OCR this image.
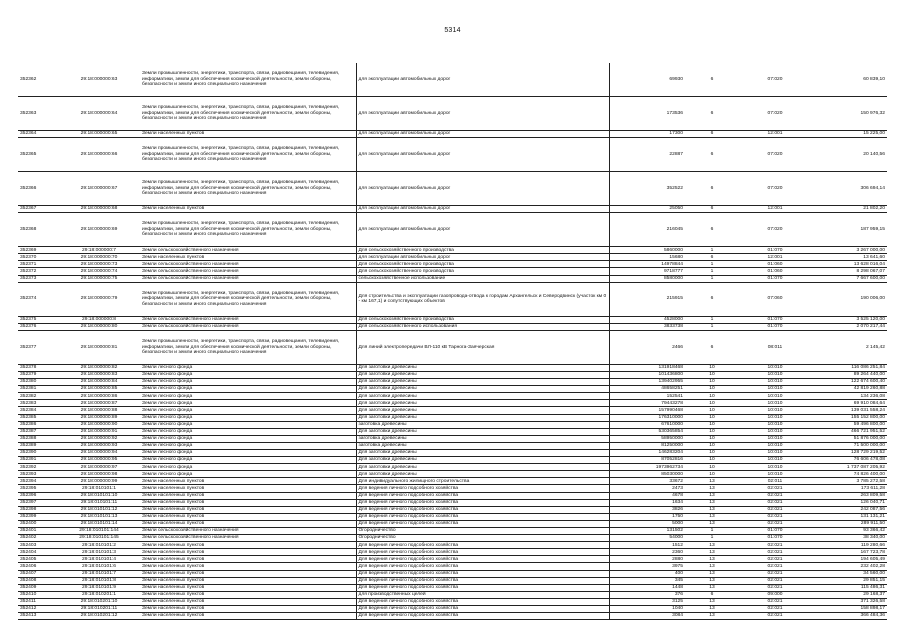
5314
352362	29:18:000000:63	Земли промышленности, энергетики, транспорта, связи, радиовещания, телевидения, информатики, земли для обеспечения космической деятельности, земли обороны, безопасности и земли иного специального назначения	для эксплуатации автомобильных дорог	69930	6	07:020	60 839,10
352363	29:18:000000:64	Земли промышленности, энергетики, транспорта, связи, радиовещания, телевидения, информатики, земли для обеспечения космической деятельности, земли обороны, безопасности и земли иного специального назначения	для эксплуатации автомобильных дорог	173536	6	07:020	150 976,32
352364	29:18:000000:65	Земли населенных пунктов	для эксплуатации автомобильных дорог	17300	6	12:001	15 225,00
352365	29:18:000000:66	Земли промышленности, энергетики, транспорта, связи, радиовещания, телевидения, информатики, земли для обеспечения космической деятельности, земли обороны, безопасности и земли иного специального назначения	для эксплуатации автомобильных дорог	22887	6	07:020	20 140,56
352366	29:18:000000:67	Земли промышленности, энергетики, транспорта, связи, радиовещания, телевидения, информатики, земли для обеспечения космической деятельности, земли обороны, безопасности и земли иного специального назначения	для эксплуатации автомобильных дорог	352522	6	07:020	306 694,14
352367	29:18:000000:68	Земли населенных пунктов	для эксплуатации автомобильных дорог	25050	6	12:001	21 802,20
352368	29:18:000000:69	Земли промышленности, энергетики, транспорта, связи, радиовещания, телевидения, информатики, земли для обеспечения космической деятельности, земли обороны, безопасности и земли иного специального назначения	для эксплуатации автомобильных дорог	216045	6	07:020	187 959,15
352369	29:18:000000:7	Земли сельскохозяйственного назначения	Для сельскохозяйственного производства	5860000	1	01:070	3 267 000,00
352370	29:18:000000:70	Земли населенных пунктов	для эксплуатации автомобильных дорог	15680	6	12:001	13 641,60
352371	29:18:000000:73	Земли сельскохозяйственного назначения	Для сельскохозяйственного производства	14978844	1	01:060	13 628 016,04
352372	29:18:000000:74	Земли сельскохозяйственного назначения	Для сельскохозяйственного производства	9718777	1	01:060	8 298 067,07
352373	29:18:000000:75	Земли сельскохозяйственного назначения	сельскохозяйственное использование	8580000	1	01:070	7 667 600,00
352374	29:18:000000:79	Земли промышленности, энергетики, транспорта, связи, радиовещания, телевидения, информатики, земли для обеспечения космической деятельности, земли обороны, безопасности и земли иного специального назначения	Для строительства и эксплуатации газопровода-отвода к городам Архангельск и Северодвинск (участок км 0 - км 167,1) и сопутствующих объектов	215915	6	07:060	190 006,00
352375	29:18:000000:8	Земли сельскохозяйственного назначения	Для сельскохозяйственного производства	4528000	1	01:070	3 525 120,00
352376	29:18:000000:80	Земли сельскохозяйственного назначения	Для сельскохозяйственного использования	3833738	1	01:070	2 070 217,44
352377	29:18:000000:81	Земли промышленности, энергетики, транспорта, связи, радиовещания, телевидения, информатики, земли для обеспечения космической деятельности, земли обороны, безопасности и земли иного специального назначения	Для линий электропередачи ВЛ-110 кВ Тарнога-Заячерская	2466	6	08:011	2 145,42
352378	29:18:000000:82	Земли лесного фонда	Для заготовки древесины	131918468	10	10:010	116 086 251,84
352379	29:18:000000:83	Земли лесного фонда	Для заготовки древесины	101436800	10	10:010	89 264 440,00
352380	29:18:000000:84	Земли лесного фонда	Для заготовки древесины	139402955	10	10:010	122 674 600,40
352381	29:18:000000:85	Земли лесного фонда	Для заготовки древесины	48658251	10	10:010	42 819 260,88
352382	29:18:000000:86	Земли лесного фонда	Для заготовки древесины	152541	10	10:010	134 236,08
352383	29:18:000000:87	Земли лесного фонда	Для заготовки древесины	79443278	10	10:010	69 910 084,64
352384	29:18:000000:88	Земли лесного фонда	Для заготовки древесины	157990468	10	10:010	139 031 558,24
352385	29:18:000000:89	Земли лесного фонда	Для заготовки древесины	176310000	10	10:010	155 152 800,00
352386	29:18:000000:90	Земли лесного фонда	заготовка древесины	67610000	10	10:010	59 496 800,00
352387	29:18:000000:91	Земли лесного фонда	Для заготовки древесины	530365854	10	10:010	466 721 951,52
352388	29:18:000000:92	Земли лесного фонда	заготовка древесины	58950000	10	10:010	51 876 000,00
352389	29:18:000000:93	Земли лесного фонда	заготовка древесины	81250000	10	10:010	71 500 000,00
352390	29:18:000000:94	Земли лесного фонда	Для заготовки древесины	146283204	10	10:010	128 729 219,52
352391	29:18:000000:95	Земли лесного фонда	Для заготовки древесины	87052816	10	10:010	76 606 478,08
352392	29:18:000000:97	Земли лесного фонда	Для заготовки древесины	1973962734	10	10:010	1 737 087 205,92
352393	29:18:000000:98	Земли лесного фонда	Для заготовки древесины	85030000	10	10:010	74 826 400,00
352394	29:18:000000:99	Земли населенных пунктов	Для индивидуального жилищного строительства	33672	13	02:011	3 785 272,58
352395	29:18:010101:1	Земли населенных пунктов	Для ведения личного подсобного хозяйства	2473	13	02:021	173 611,28
352396	29:18:010101:10	Земли населенных пунктов	Для ведения личного подсобного хозяйства	4678	13	02:021	263 809,58
352397	29:18:010101:11	Земли населенных пунктов	Для ведения личного подсобного хозяйства	1634	13	02:021	126 040,71
352398	29:18:010101:12	Земли населенных пунктов	Для ведения личного подсобного хозяйства	3826	13	02:021	242 087,56
352399	29:18:010101:13	Земли населенных пунктов	Для ведения личного подсобного хозяйства	1750	13	02:021	131 131,21
352400	29:18:010101:14	Земли населенных пунктов	Для ведения личного подсобного хозяйства	5000	13	02:021	289 911,50
352401	29:18:010101:144	Земли сельскохозяйственного назначения	Огородничество	131502	1	01:070	93 366,42
352402	29:18:010101:145	Земли сельскохозяйственного назначения	Огородничество	54000	1	01:070	38 340,00
352403	29:18:010101:2	Земли населенных пунктов	Для ведения личного подсобного хозяйства	1512	13	02:021	119 280,66
352404	29:18:010101:3	Земли населенных пунктов	Для ведения личного подсобного хозяйства	2360	13	02:021	167 723,78
352405	29:18:010101:4	Земли населенных пунктов	Для ведения личного подсобного хозяйства	2880	13	02:021	194 605,49
352406	29:18:010101:6	Земли населенных пунктов	Для ведения личного подсобного хозяйства	3975	13	02:021	232 402,28
352407	29:18:010101:7	Земли населенных пунктов	Для ведения личного подсобного хозяйства	400	13	02:021	34 560,00
352408	29:18:010101:8	Земли населенных пунктов	Для ведения личного подсобного хозяйства	345	13	02:021	29 851,15
352409	29:18:010101:9	Земли населенных пунктов	Для ведения личного подсобного хозяйства	1448	13	02:021	115 486,31
352410	29:18:010201:1	Земли населенных пунктов	для производственных целей	376	6	09:000	29 168,37
352411	29:18:010201:10	Земли населенных пунктов	Для ведения личного подсобного хозяйства	3125	13	02:021	371 326,58
352412	29:18:010201:11	Земли населенных пунктов	Для ведения личного подсобного хозяйства	1040	13	02:021	158 898,17
352413	29:18:010201:12	Земли населенных пунктов	Для ведения личного подсобного хозяйства	3084	13	02:021	366 484,36
